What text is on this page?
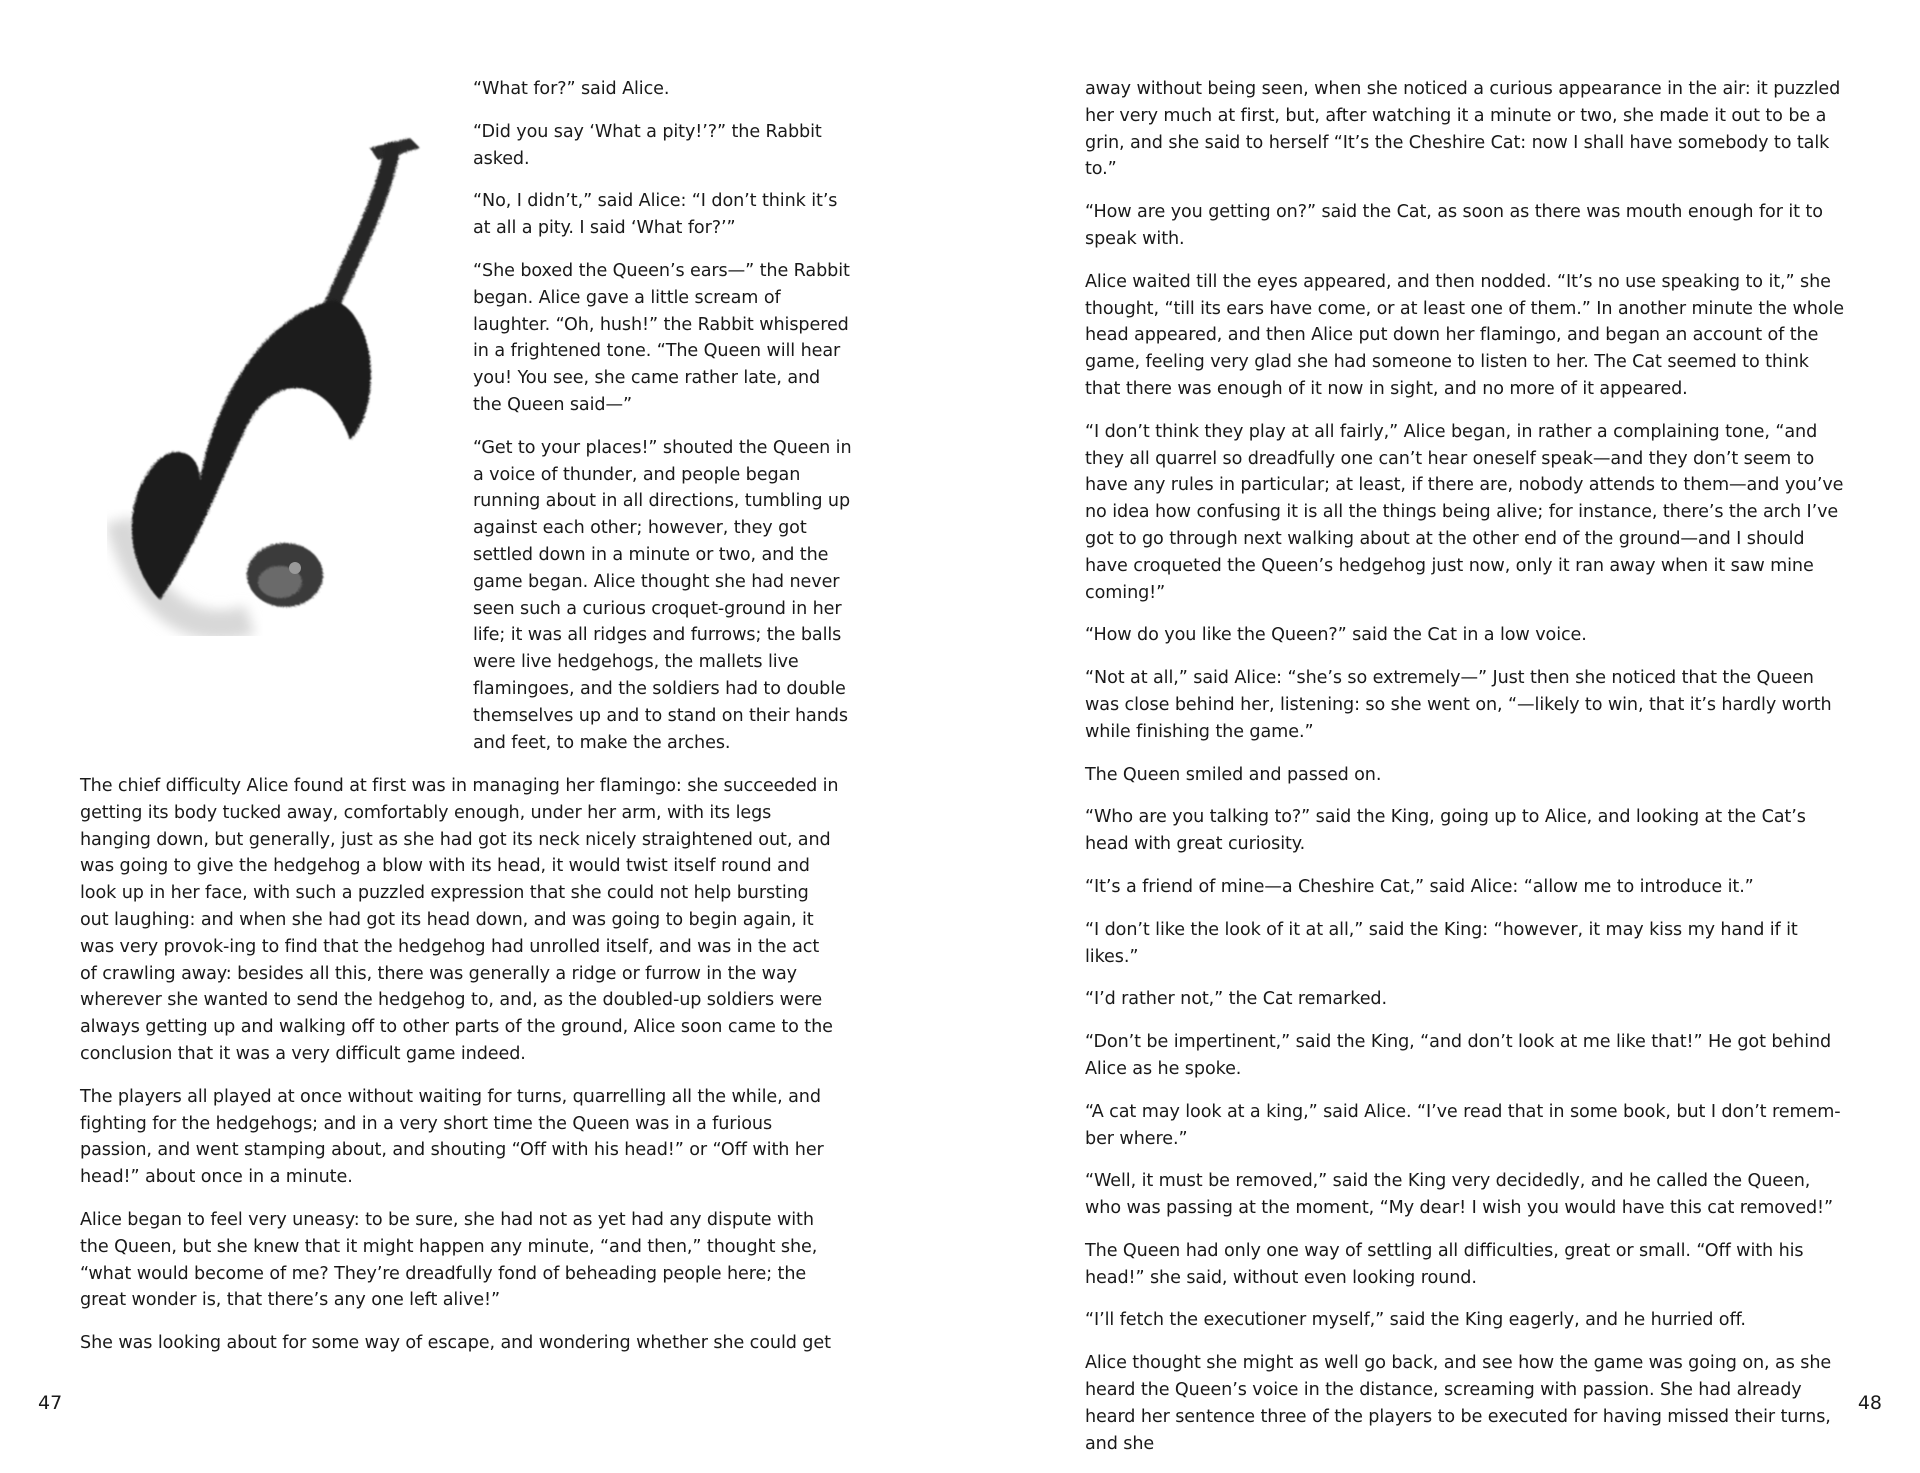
“What for?” said Alice.

“Did you say ‘What a pity!’?” the Rabbit asked.

“No, I didn’t,” said Alice: “I don’t think it’s at all a pity. I said ‘What for?’”

“She boxed the Queen’s ears—” the Rabbit began. Alice gave a little scream of laughter. “Oh, hush!” the Rabbit whispered in a frightened tone. “The Queen will hear you! You see, she came rather late, and the Queen said—”

“Get to your places!” shouted the Queen in a voice of thunder, and people began running about in all directions, tumbling up against each other; however, they got settled down in a minute or two, and the game began. Alice thought she had never seen such a curious croquet-ground in her life; it was all ridges and furrows; the balls were live hedgehogs, the mallets live flamingoes, and the soldiers had to double themselves up and to stand on their hands and feet, to make the arches.

The chief difficulty Alice found at first was in managing her flamingo: she succeeded in getting its body tucked away, comfortably enough, under her arm, with its legs hanging down, but generally, just as she had got its neck nicely straightened out, and was going to give the hedgehog a blow with its head, it would twist itself round and look up in her face, with such a puzzled expression that she could not help bursting out laughing: and when she had got its head down, and was going to begin again, it was very provok-ing to find that the hedgehog had unrolled itself, and was in the act of crawling away: besides all this, there was generally a ridge or furrow in the way wherever she wanted to send the hedgehog to, and, as the doubled-up soldiers were always getting up and walking off to other parts of the ground, Alice soon came to the conclusion that it was a very difficult game indeed.

The players all played at once without waiting for turns, quarrelling all the while, and fighting for the hedgehogs; and in a very short time the Queen was in a furious passion, and went stamping about, and shouting “Off with his head!” or “Off with her head!” about once in a minute.

Alice began to feel very uneasy: to be sure, she had not as yet had any dispute with the Queen, but she knew that it might happen any minute, “and then,” thought she, “what would become of me? They’re dreadfully fond of beheading people here; the great wonder is, that there’s any one left alive!”

She was looking about for some way of escape, and wondering whether she could get

47

away without being seen, when she noticed a curious appearance in the air: it puzzled her very much at first, but, after watching it a minute or two, she made it out to be a grin, and she said to herself “It’s the Cheshire Cat: now I shall have somebody to talk to.”

“How are you getting on?” said the Cat, as soon as there was mouth enough for it to speak with.

Alice waited till the eyes appeared, and then nodded. “It’s no use speaking to it,” she thought, “till its ears have come, or at least one of them.” In another minute the whole head appeared, and then Alice put down her flamingo, and began an account of the game, feeling very glad she had someone to listen to her. The Cat seemed to think that there was enough of it now in sight, and no more of it appeared.

“I don’t think they play at all fairly,” Alice began, in rather a complaining tone, “and they all quarrel so dreadfully one can’t hear oneself speak—and they don’t seem to have any rules in particular; at least, if there are, nobody attends to them—and you’ve no idea how confusing it is all the things being alive; for instance, there’s the arch I’ve got to go through next walking about at the other end of the ground—and I should have croqueted the Queen’s hedgehog just now, only it ran away when it saw mine coming!”

“How do you like the Queen?” said the Cat in a low voice.

“Not at all,” said Alice: “she’s so extremely—” Just then she noticed that the Queen was close behind her, listening: so she went on, “—likely to win, that it’s hardly worth while finishing the game.”

The Queen smiled and passed on.

“Who are you talking to?” said the King, going up to Alice, and looking at the Cat’s head with great curiosity.

“It’s a friend of mine—a Cheshire Cat,” said Alice: “allow me to introduce it.”

“I don’t like the look of it at all,” said the King: “however, it may kiss my hand if it likes.”

“I’d rather not,” the Cat remarked.

“Don’t be impertinent,” said the King, “and don’t look at me like that!” He got behind Alice as he spoke.

“A cat may look at a king,” said Alice. “I’ve read that in some book, but I don’t remem-ber where.”

“Well, it must be removed,” said the King very decidedly, and he called the Queen, who was passing at the moment, “My dear! I wish you would have this cat removed!”

The Queen had only one way of settling all difficulties, great or small. “Off with his head!” she said, without even looking round.

“I’ll fetch the executioner myself,” said the King eagerly, and he hurried off.

Alice thought she might as well go back, and see how the game was going on, as she heard the Queen’s voice in the distance, screaming with passion. She had already heard her sentence three of the players to be executed for having missed their turns, and she

48
